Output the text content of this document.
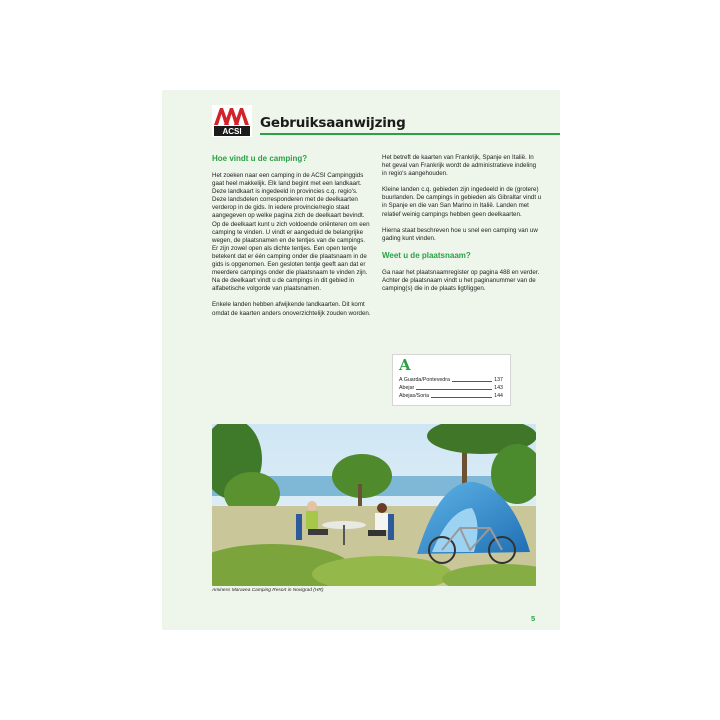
ACSI
Gebruiksaanwijzing

Hoe vindt u de camping?

Het zoeken naar een camping in de ACSI Campinggids gaat heel makkelijk. Elk land begint met een landkaart. Deze landkaart is ingedeeld in provincies c.q. regio's. Deze landsdelen corresponderen met de deelkaarten verderop in de gids. In iedere provincie/regio staat aangegeven op welke pagina zich de deelkaart bevindt. Op de deelkaart kunt u zich voldoende oriënteren om een camping te vinden. U vindt er aangeduid de belangrijke wegen, de plaatsnamen en de tentjes van de campings. Er zijn zowel open als dichte tentjes. Een open tentje betekent dat er één camping onder die plaatsnaam in de gids is opgenomen. Een gesloten tentje geeft aan dat er meerdere campings onder die plaatsnaam te vinden zijn. Na de deelkaart vindt u de campings in dit gebied in alfabetische volgorde van plaatsnamen.

Enkele landen hebben afwijkende landkaarten. Dit komt omdat de kaarten anders onoverzichtelijk zouden worden.

Het betreft de kaarten van Frankrijk, Spanje en Italië. In het geval van Frankrijk wordt de administratieve indeling in regio's aangehouden.

Kleine landen c.q. gebieden zijn ingedeeld in de (grotere) buurlanden. De campings in gebieden als Gibraltar vindt u in Spanje en die van San Marino in Italië. Landen met relatief weinig campings hebben geen deelkaarten.

Hierna staat beschreven hoe u snel een camping van uw gading kunt vinden.

Weet u de plaatsnaam?

Ga naar het plaatsnaamregister op pagina 488 en verder. Achter de plaatsnaam vindt u het paginanummer van de camping(s) die in de plaats ligt/liggen.

A
A Guarda/Pontevedra	137
Abejar	143
Abejas/Soria	144
Aminess Maravea Camping Resort in Novigrad (HR)
5
